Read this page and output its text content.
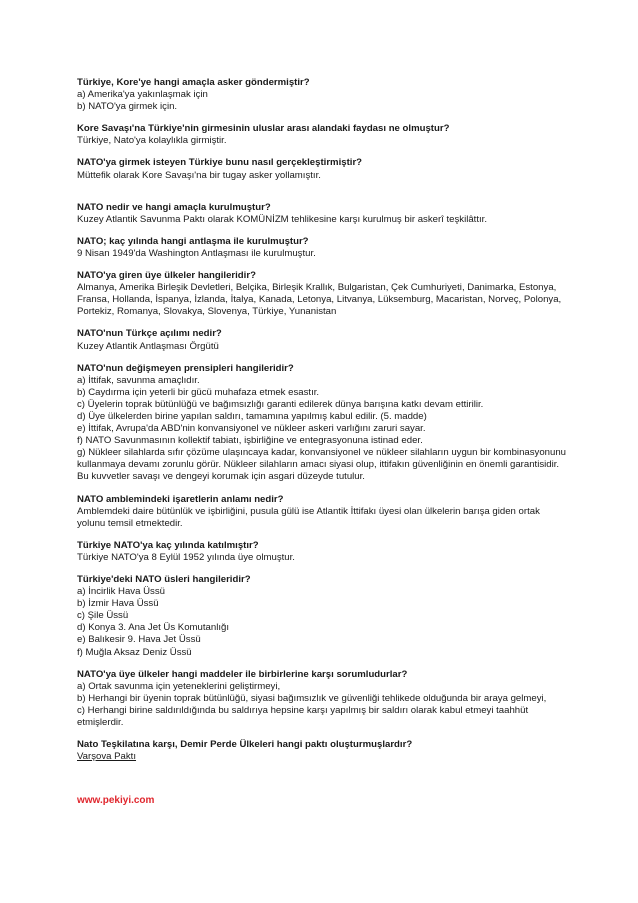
Türkiye, Kore'ye hangi amaçla asker göndermiştir?

a) Amerika'ya yakınlaşmak için

b) NATO'ya girmek için.

Kore Savaşı'na Türkiye'nin girmesinin uluslar arası alandaki faydası ne olmuştur?

Türkiye, Nato'ya kolaylıkla girmiştir.

NATO'ya girmek isteyen Türkiye bunu nasıl gerçekleştirmiştir?

Müttefik olarak Kore Savaşı'na bir tugay asker yollamıştır.

NATO nedir ve hangi amaçla kurulmuştur?

Kuzey Atlantik Savunma Paktı olarak KOMÜNİZM tehlikesine karşı kurulmuş bir askerî teşkilâttır.

NATO; kaç yılında hangi antlaşma ile kurulmuştur?

9 Nisan 1949'da Washington Antlaşması ile kurulmuştur.

NATO'ya giren üye ülkeler hangileridir?

Almanya, Amerika Birleşik Devletleri, Belçika, Birleşik Krallık, Bulgaristan, Çek Cumhuriyeti, Danimarka, Estonya, Fransa, Hollanda, İspanya, İzlanda, İtalya, Kanada, Letonya, Litvanya, Lüksemburg, Macaristan, Norveç, Polonya, Portekiz, Romanya, Slovakya, Slovenya, Türkiye, Yunanistan

NATO'nun Türkçe açılımı nedir?

Kuzey Atlantik Antlaşması Örgütü

NATO'nun değişmeyen prensipleri hangileridir?

a) İttifak, savunma amaçlıdır.

b) Caydırma için yeterli bir gücü muhafaza etmek esastır.

c) Üyelerin toprak bütünlüğü ve bağımsızlığı garanti edilerek dünya barışına katkı devam ettirilir.

d) Üye ülkelerden birine yapılan saldırı, tamamına yapılmış kabul edilir. (5. madde)

e) İttifak, Avrupa'da ABD'nin konvansiyonel ve nükleer askeri varlığını zaruri sayar.

f) NATO Savunmasının kollektif tabiatı, işbirliğine ve entegrasyonuna istinad eder.

g) Nükleer silahlarda sıfır çözüme ulaşıncaya kadar, konvansiyonel ve nükleer silahların uygun bir kombinasyonunu kullanmaya devamı zorunlu görür. Nükleer silahların amacı siyasi olup, ittifakın güvenliğinin en önemli garantisidir.

Bu kuvvetler savaşı ve dengeyi korumak için asgari düzeyde tutulur.

NATO amblemindeki işaretlerin anlamı nedir?

Amblemdeki daire bütünlük ve işbirliğini, pusula gülü ise Atlantik İttifakı üyesi olan ülkelerin barışa giden ortak yolunu temsil etmektedir.

Türkiye NATO'ya kaç yılında katılmıştır?

Türkiye NATO'ya 8 Eylül 1952 yılında üye olmuştur.

Türkiye'deki NATO üsleri hangileridir?

a) İncirlik Hava Üssü

b) İzmir Hava Üssü

c) Şile Üssü

d) Konya 3. Ana Jet Üs Komutanlığı

e) Balıkesir 9. Hava Jet Üssü

f) Muğla Aksaz Deniz Üssü

NATO'ya üye ülkeler hangi maddeler ile birbirlerine karşı sorumludurlar?

a) Ortak savunma için yeteneklerini geliştirmeyi,

b) Herhangi bir üyenin toprak bütünlüğü, siyasi bağımsızlık ve güvenliği tehlikede olduğunda bir araya gelmeyi,

c) Herhangi birine saldırıldığında bu saldırıya hepsine karşı yapılmış bir saldırı olarak kabul etmeyi taahhüt etmişlerdir.

Nato Teşkilatına karşı, Demir Perde Ülkeleri hangi paktı oluşturmuşlardır?

Varşova Paktı

www.pekiyi.com
